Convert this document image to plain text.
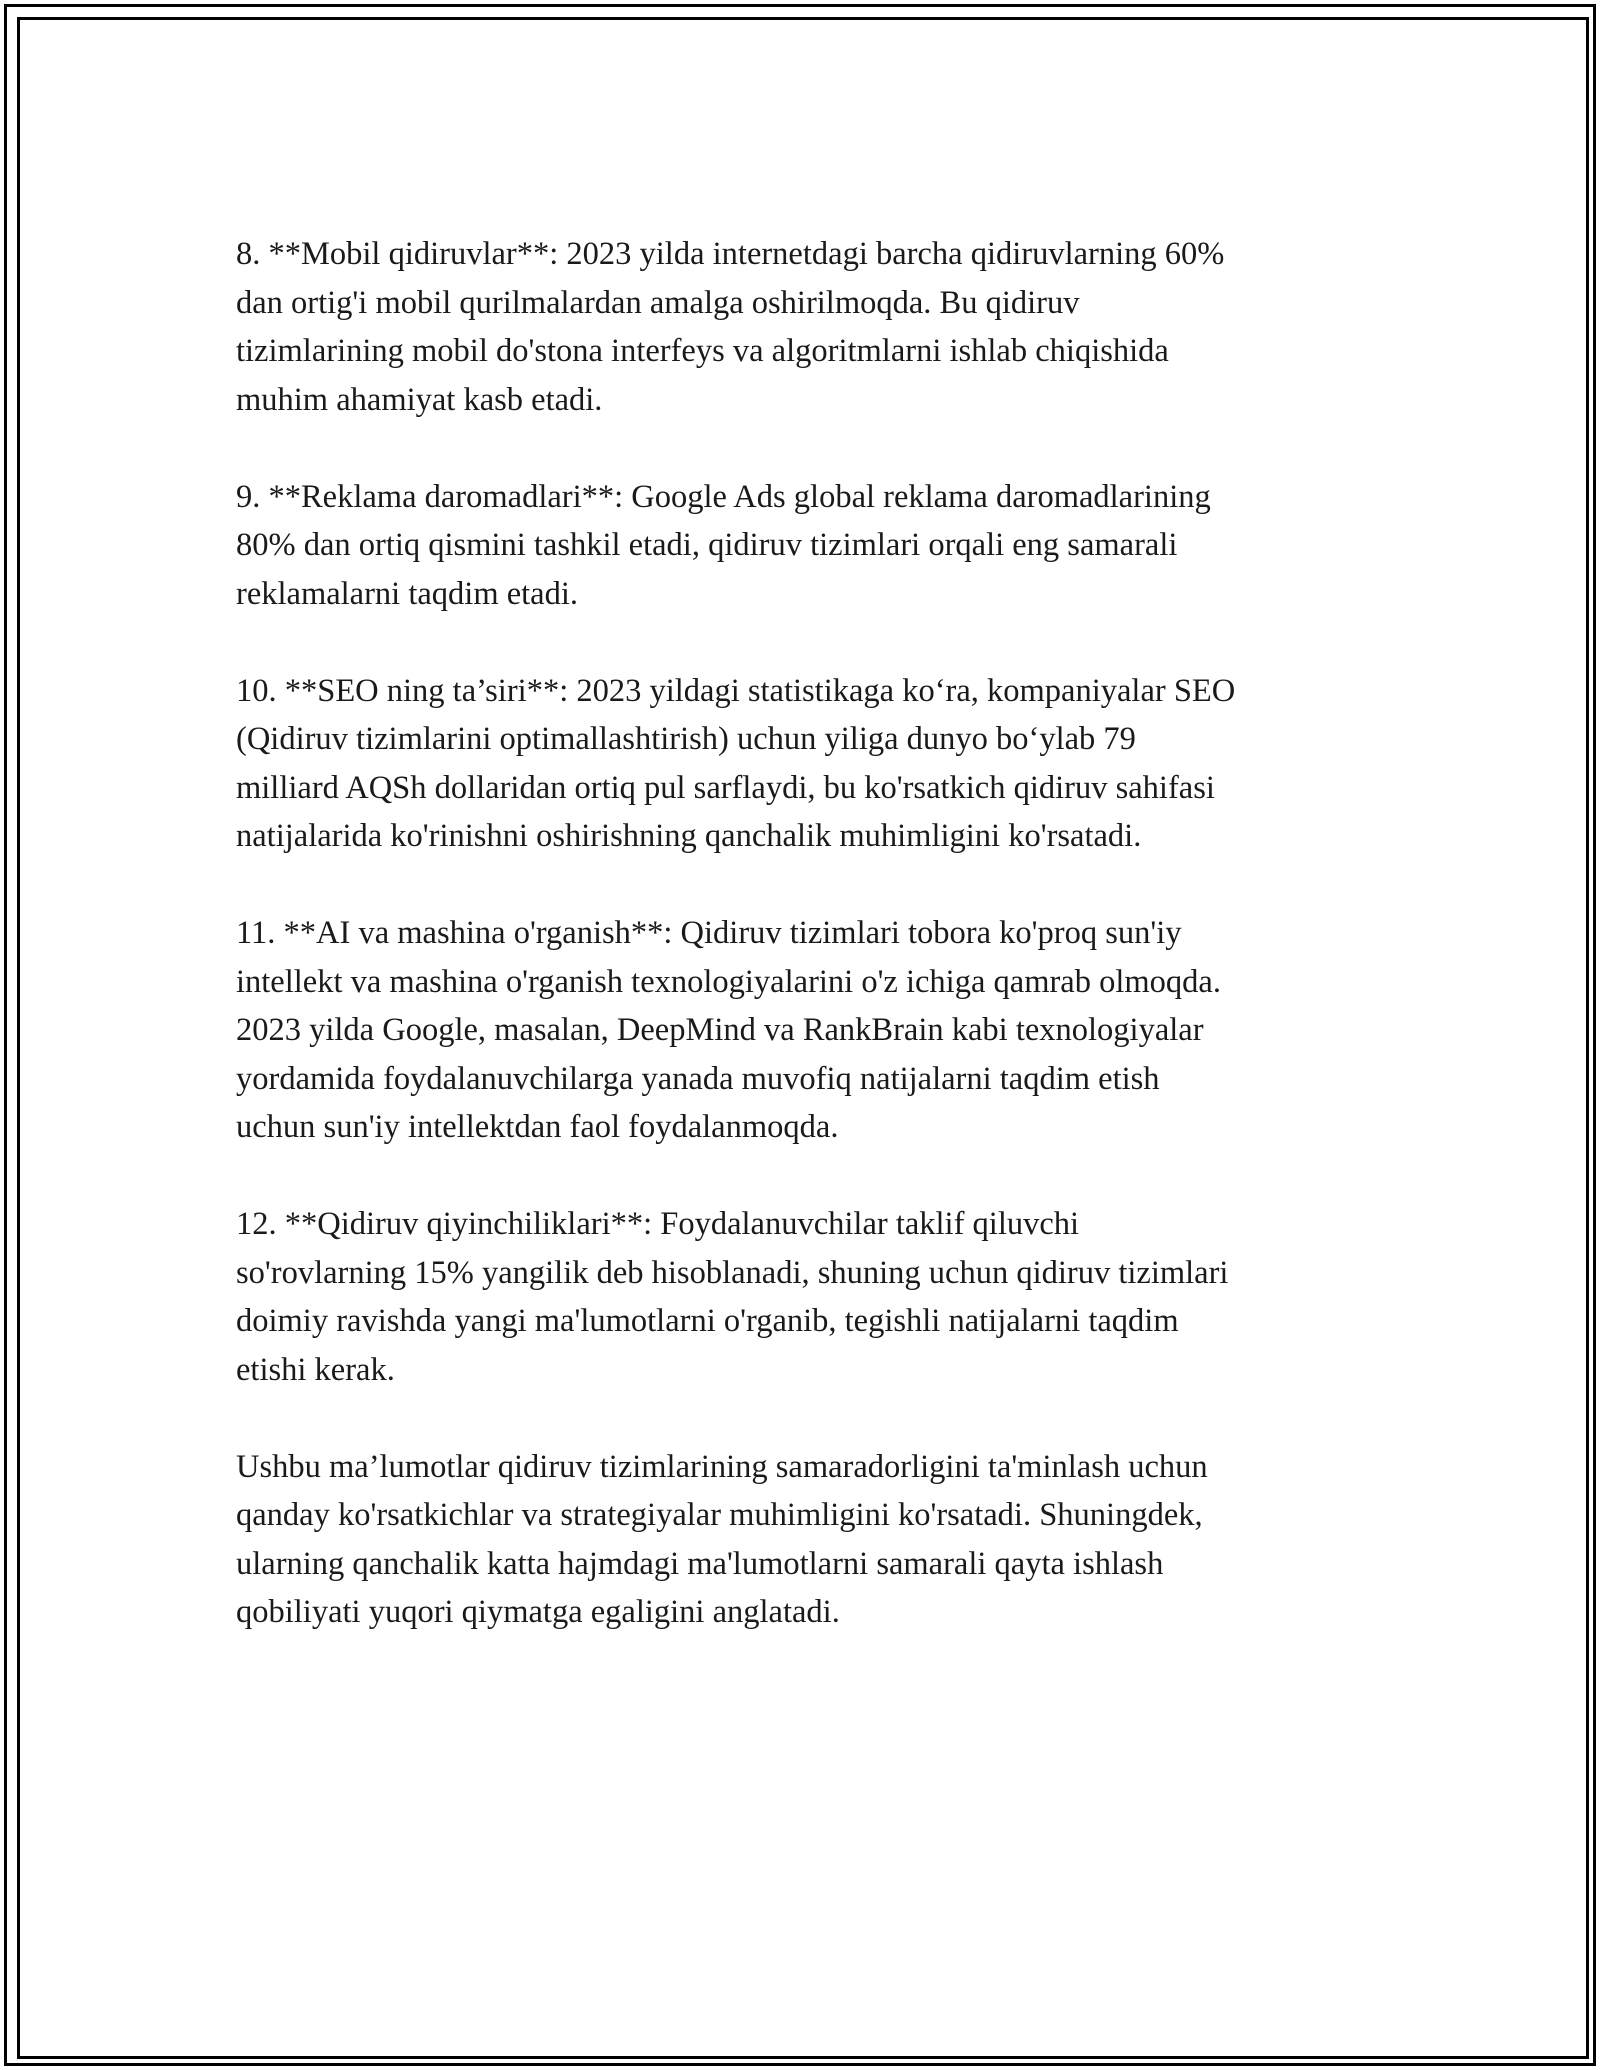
8. **Mobil qidiruvlar**: 2023 yilda internetdagi barcha qidiruvlarning 60%
dan ortig'i mobil qurilmalardan amalga oshirilmoqda. Bu qidiruv
tizimlarining mobil do'stona interfeys va algoritmlarni ishlab chiqishida
muhim ahamiyat kasb etadi.

9. **Reklama daromadlari**: Google Ads global reklama daromadlarining
80% dan ortiq qismini tashkil etadi, qidiruv tizimlari orqali eng samarali
reklamalarni taqdim etadi.

10. **SEO ning ta’siri**: 2023 yildagi statistikaga ko‘ra, kompaniyalar SEO
(Qidiruv tizimlarini optimallashtirish) uchun yiliga dunyo bo‘ylab 79
milliard AQSh dollaridan ortiq pul sarflaydi, bu ko'rsatkich qidiruv sahifasi
natijalarida ko'rinishni oshirishning qanchalik muhimligini ko'rsatadi.

11. **AI va mashina o'rganish**: Qidiruv tizimlari tobora ko'proq sun'iy
intellekt va mashina o'rganish texnologiyalarini o'z ichiga qamrab olmoqda.
2023 yilda Google, masalan, DeepMind va RankBrain kabi texnologiyalar
yordamida foydalanuvchilarga yanada muvofiq natijalarni taqdim etish
uchun sun'iy intellektdan faol foydalanmoqda.

12. **Qidiruv qiyinchiliklari**: Foydalanuvchilar taklif qiluvchi
so'rovlarning 15% yangilik deb hisoblanadi, shuning uchun qidiruv tizimlari
doimiy ravishda yangi ma'lumotlarni o'rganib, tegishli natijalarni taqdim
etishi kerak.

Ushbu ma’lumotlar qidiruv tizimlarining samaradorligini ta'minlash uchun
qanday ko'rsatkichlar va strategiyalar muhimligini ko'rsatadi. Shuningdek,
ularning qanchalik katta hajmdagi ma'lumotlarni samarali qayta ishlash
qobiliyati yuqori qiymatga egaligini anglatadi.
